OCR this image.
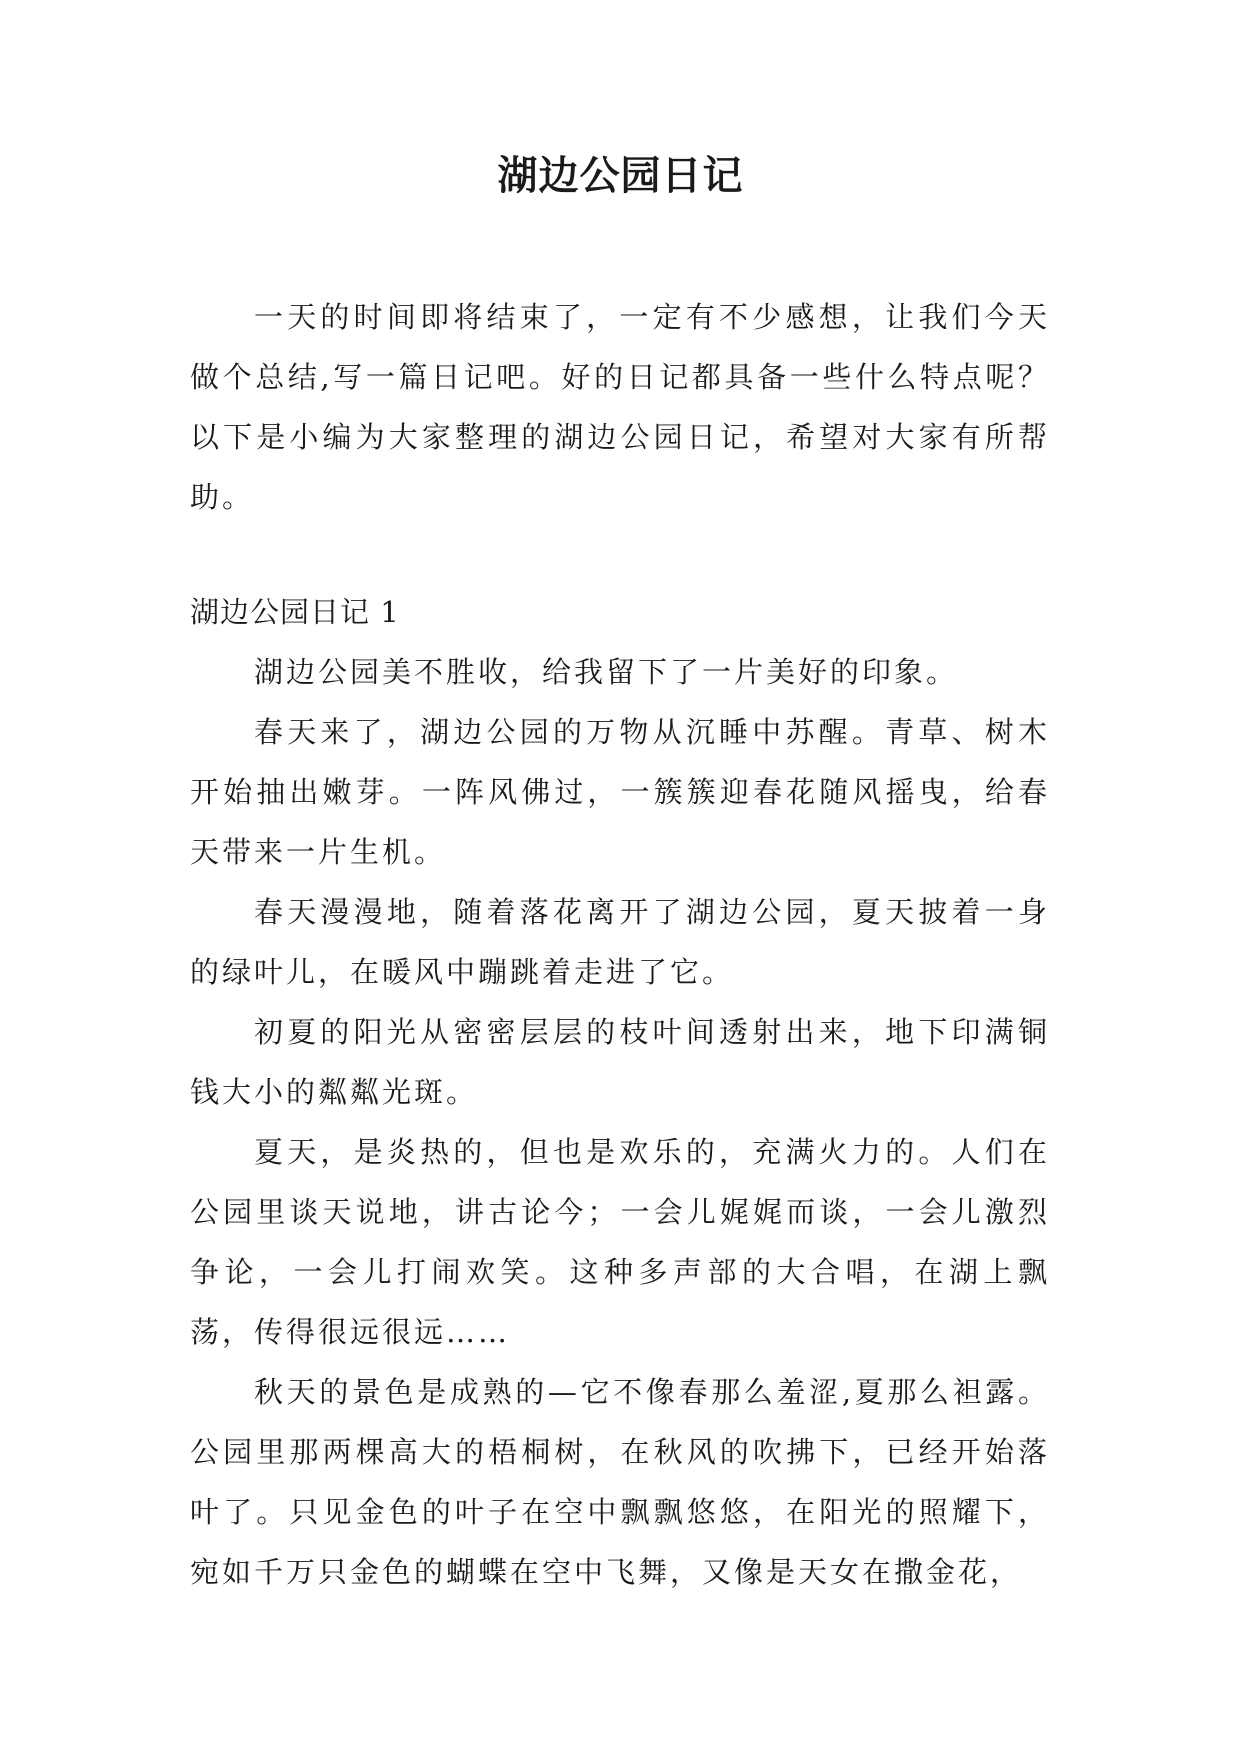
湖边公园日记

一天的时间即将结束了，一定有不少感想，让我们今天做个总结,写一篇日记吧。好的日记都具备一些什么特点呢？以下是小编为大家整理的湖边公园日记，希望对大家有所帮助。

湖边公园日记 1

湖边公园美不胜收，给我留下了一片美好的印象。

春天来了，湖边公园的万物从沉睡中苏醒。青草、树木开始抽出嫩芽。一阵风佛过，一簇簇迎春花随风摇曳，给春天带来一片生机。

春天漫漫地，随着落花离开了湖边公园，夏天披着一身的绿叶儿，在暖风中蹦跳着走进了它。

初夏的阳光从密密层层的枝叶间透射出来，地下印满铜钱大小的粼粼光斑。

夏天，是炎热的，但也是欢乐的，充满火力的。人们在公园里谈天说地，讲古论今；一会儿娓娓而谈，一会儿激烈争论，一会儿打闹欢笑。这种多声部的大合唱，在湖上飘荡，传得很远很远……

秋天的景色是成熟的—它不像春那么羞涩,夏那么袒露。公园里那两棵高大的梧桐树，在秋风的吹拂下，已经开始落叶了。只见金色的叶子在空中飘飘悠悠，在阳光的照耀下，宛如千万只金色的蝴蝶在空中飞舞，又像是天女在撒金花，
